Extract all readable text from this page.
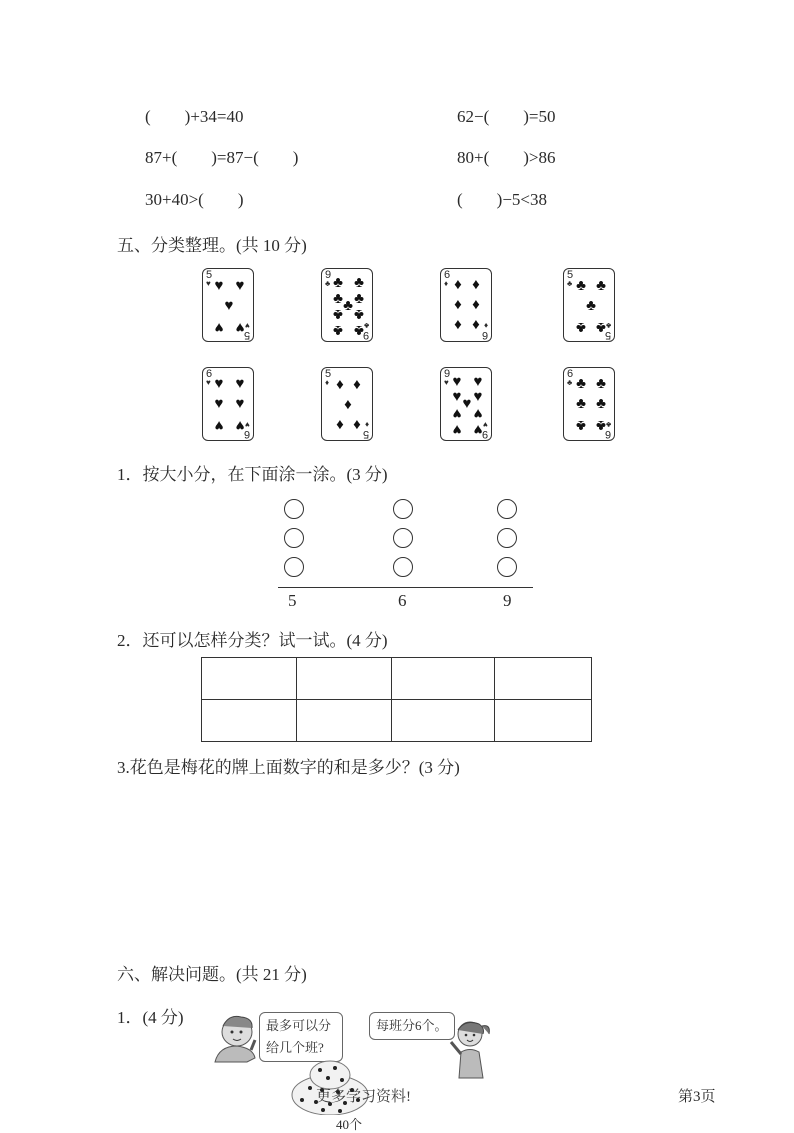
(        )+34=40
87+(        )=87−(        )
30+40>(        )
62−(        )=50
80+(        )>86
(        )−5<38
五、分类整理。(共 10 分)
5
♥ ♥ ♥
♥
♥ ♥ ♥
5
9
♣ ♣ ♣
♣ ♣
♣
♣ ♣
♣ ♣ ♣
9
6
♦ ♦ ♦
♦ ♦
♦ ♦ ♦
6
5
♣ ♣ ♣
♣
♣ ♣ ♣
5
6
♥ ♥ ♥
♥ ♥
♥ ♥ ♥
6
5
♦ ♦ ♦
♦
♦ ♦ ♦
5
9
♥ ♥ ♥
♥ ♥
♥
♥ ♥
♥ ♥ ♥
9
6
♣ ♣ ♣
♣ ♣
♣ ♣ ♣
6
1．按大小分，在下面涂一涂。(3 分)
5	6	9
2．还可以怎样分类？试一试。(4 分)

3.花色是梅花的牌上面数字的和是多少？(3 分)
六、解决问题。(共 21 分)
1．(4 分)	最多可以分
给几个班?
每班分6个。
更多学习资料!
40个
第3页
